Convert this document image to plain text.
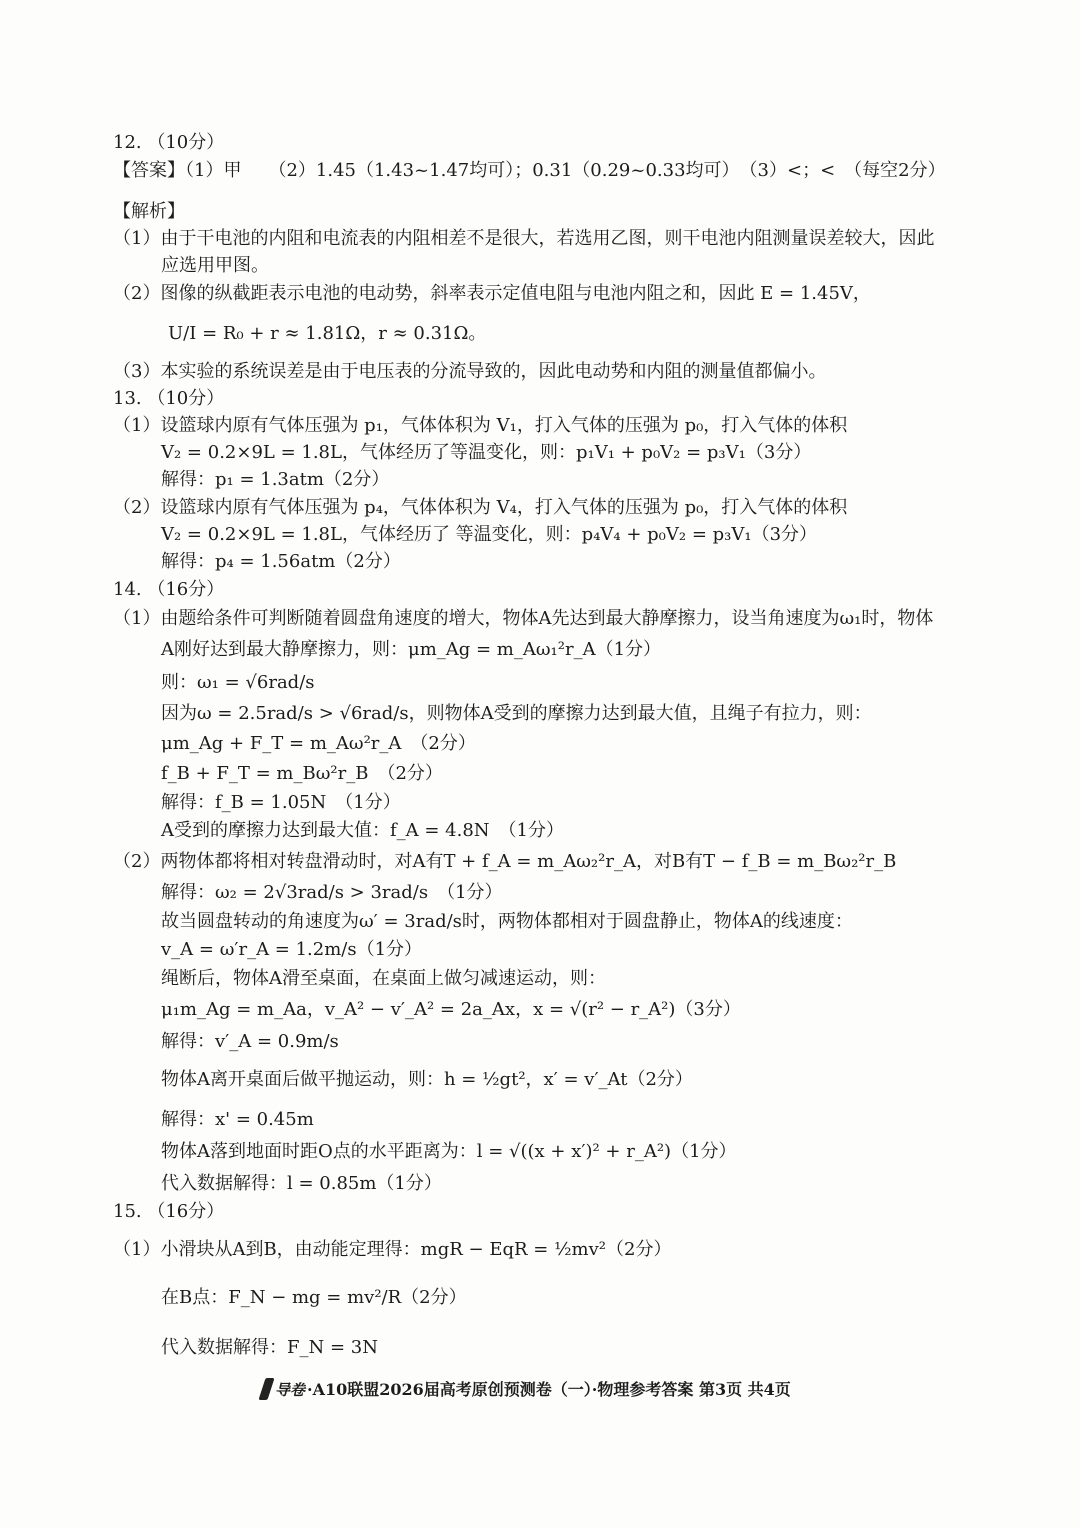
12. （10分）
【答案】（1）甲　　（2）1.45（1.43~1.47均可）；0.31（0.29~0.33均可）　（3）<；<　（每空2分）
【解析】
（1）由于干电池的内阻和电流表的内阻相差不是很大，若选用乙图，则干电池内阻测量误差较大，因此
应选用甲图。
（2）图像的纵截距表示电池的电动势，斜率表示定值电阻与电池内阻之和，因此 E = 1.45V，
U/I = R₀ + r ≈ 1.81Ω，r ≈ 0.31Ω。
（3）本实验的系统误差是由于电压表的分流导致的，因此电动势和内阻的测量值都偏小。
13. （10分）
（1）设篮球内原有气体压强为 p₁，气体体积为 V₁，打入气体的压强为 p₀，打入气体的体积
V₂ = 0.2×9L = 1.8L，气体经历了等温变化，则：p₁V₁ + p₀V₂ = p₃V₁（3分）
解得：p₁ = 1.3atm（2分）
（2）设篮球内原有气体压强为 p₄，气体体积为 V₄，打入气体的压强为 p₀，打入气体的体积
V₂ = 0.2×9L = 1.8L，气体经历了 等温变化，则：p₄V₄ + p₀V₂ = p₃V₁（3分）
解得：p₄ = 1.56atm（2分）
14. （16分）
（1）由题给条件可判断随着圆盘角速度的增大，物体A先达到最大静摩擦力，设当角速度为ω₁时，物体
A刚好达到最大静摩擦力，则：μm_Ag = m_Aω₁²r_A（1分）
则：ω₁ = √6rad/s
因为ω = 2.5rad/s > √6rad/s，则物体A受到的摩擦力达到最大值，且绳子有拉力，则：
μm_Ag + F_T = m_Aω²r_A　（2分）
f_B + F_T = m_Bω²r_B　（2分）
解得：f_B = 1.05N　（1分）
A受到的摩擦力达到最大值：f_A = 4.8N　（1分）
（2）两物体都将相对转盘滑动时，对A有T + f_A = m_Aω₂²r_A，对B有T − f_B = m_Bω₂²r_B
解得：ω₂ = 2√3rad/s > 3rad/s　（1分）
故当圆盘转动的角速度为ω′ = 3rad/s时，两物体都相对于圆盘静止，物体A的线速度：
v_A = ω′r_A = 1.2m/s（1分）
绳断后，物体A滑至桌面，在桌面上做匀减速运动，则：
μ₁m_Ag = m_Aa，v_A² − v′_A² = 2a_Ax，x = √(r² − r_A²)（3分）
解得：v′_A = 0.9m/s
物体A离开桌面后做平抛运动，则：h = ½gt²，x′ = v′_At（2分）
解得：x' = 0.45m
物体A落到地面时距O点的水平距离为：l = √((x + x′)² + r_A²)（1分）
代入数据解得：l = 0.85m（1分）
15. （16分）
（1）小滑块从A到B，由动能定理得：mgR − EqR = ½mv²（2分）
在B点：F_N − mg = mv²/R（2分）
代入数据解得：F_N = 3N
导卷 ·A10联盟2026届高考原创预测卷（一）·物理参考答案 第3页 共4页
